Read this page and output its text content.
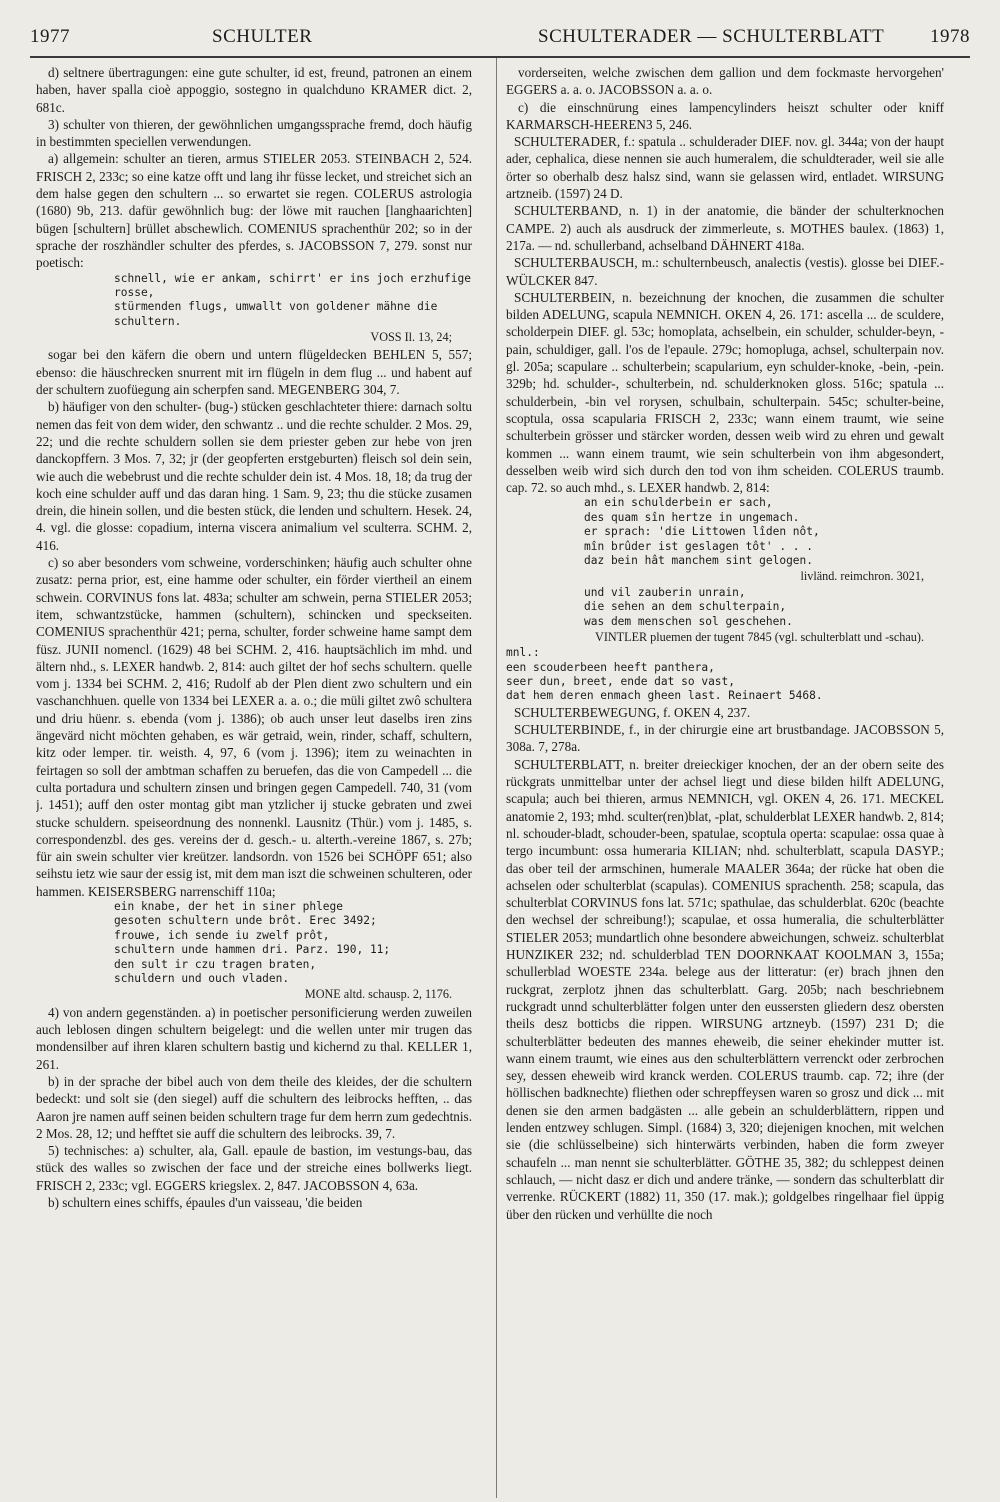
1977	SCHULTER	SCHULTERADER — SCHULTERBLATT 1978

d) seltnere übertragungen: eine gute schulter, id est, freund, patronen an einem haben, haver spalla cioè appoggio, sostegno in qualchduno KRAMER dict. 2, 681c.

3) schulter von thieren, der gewöhnlichen umgangssprache fremd, doch häufig in bestimmten speciellen verwendungen.

a) allgemein: schulter an tieren, armus STIELER 2053. STEINBACH 2, 524. FRISCH 2, 233c; so eine katze offt und lang ihr füsse lecket, und streichet sich an dem halse gegen den schultern ... so erwartet sie regen. COLERUS astrologia (1680) 9b, 213. dafür gewöhnlich bug: der löwe mit rauchen [langhaarichten] bügen [schultern] brüllet abschewlich. COMENIUS sprachenthür 202; so in der sprache der roszhändler schulter des pferdes, s. JACOBSSON 7, 279. sonst nur poetisch:

schnell, wie er ankam, schirrt' er ins joch erzhufige rosse,
stürmenden flugs, umwallt von goldener mähne die schultern.

VOSS Il. 13, 24;

sogar bei den käfern die obern und untern flügeldecken BEHLEN 5, 557; ebenso: die häuschrecken snurrent mit irn flügeln in dem flug ... und habent auf der schultern zuofüegung ain scherpfen sand. MEGENBERG 304, 7.

b) häufiger von den schulter- (bug-) stücken geschlachteter thiere: darnach soltu nemen das feit von dem wider, den schwantz .. und die rechte schulder. 2 Mos. 29, 22; und die rechte schuldern sollen sie dem priester geben zur hebe von jren danckopffern. 3 Mos. 7, 32; jr (der geopferten erstgeburten) fleisch sol dein sein, wie auch die webebrust und die rechte schulder dein ist. 4 Mos. 18, 18; da trug der koch eine schulder auff und das daran hing. 1 Sam. 9, 23; thu die stücke zusamen drein, die hinein sollen, und die besten stück, die lenden und schultern. Hesek. 24, 4. vgl. die glosse: copadium, interna viscera animalium vel sculterra. SCHM. 2, 416.

c) so aber besonders vom schweine, vorderschinken; häufig auch schulter ohne zusatz: perna prior, est, eine hamme oder schulter, ein förder viertheil an einem schwein. CORVINUS fons lat. 483a; schulter am schwein, perna STIELER 2053; item, schwantzstücke, hammen (schultern), schincken und speckseiten. COMENIUS sprachenthür 421; perna, schulter, forder schweine hame sampt dem füsz. JUNII nomencl. (1629) 48 bei SCHM. 2, 416. hauptsächlich im mhd. und ältern nhd., s. LEXER handwb. 2, 814: auch giltet der hof sechs schultern. quelle vom j. 1334 bei SCHM. 2, 416; Rudolf ab der Plen dient zwo schultern und ein vaschanchhuen. quelle von 1334 bei LEXER a. a. o.; die müli giltet zwô schultera und driu hüenr. s. ebenda (vom j. 1386); ob auch unser leut daselbs iren zins ängevärd nicht möchten gehaben, es wär getraid, wein, rinder, schaff, schultern, kitz oder lemper. tir. weisth. 4, 97, 6 (vom j. 1396); item zu weinachten in feirtagen so soll der ambtman schaffen zu beruefen, das die von Campedell ... die culta portadura und schultern zinsen und bringen gegen Campedell. 740, 31 (vom j. 1451); auff den oster montag gibt man ytzlicher ij stucke gebraten und zwei stucke schuldern. speiseordnung des nonnenkl. Lausnitz (Thür.) vom j. 1485, s. correspondenzbl. des ges. vereins der d. gesch.- u. alterth.-vereine 1867, s. 27b; für ain swein schulter vier kreützer. landsordn. von 1526 bei SCHÖPF 651; also seihstu ietz wie saur der essig ist, mit dem man iszt die schweinen schulteren, oder hammen. KEISERSBERG narrenschiff 110a;

ein knabe, der het in siner phlege
gesoten schultern unde brôt. Erec 3492;
frouwe, ich sende iu zwelf prôt,
schultern unde hammen dri. Parz. 190, 11;
den sult ir czu tragen braten,
schuldern und ouch vladen.

MONE altd. schausp. 2, 1176.

4) von andern gegenständen. a) in poetischer personificierung werden zuweilen auch leblosen dingen schultern beigelegt: und die wellen unter mir trugen das mondensilber auf ihren klaren schultern bastig und kichernd zu thal. KELLER 1, 261.

b) in der sprache der bibel auch von dem theile des kleides, der die schultern bedeckt: und solt sie (den siegel) auff die schultern des leibrocks hefften, .. das Aaron jre namen auff seinen beiden schultern trage fur dem herrn zum gedechtnis. 2 Mos. 28, 12; und hefftet sie auff die schultern des leibrocks. 39, 7.

5) technisches: a) schulter, ala, Gall. epaule de bastion, im vestungs-bau, das stück des walles so zwischen der face und der streiche eines bollwerks liegt. FRISCH 2, 233c; vgl. EGGERS kriegslex. 2, 847. JACOBSSON 4, 63a.

b) schultern eines schiffs, épaules d'un vaisseau, 'die beiden

vorderseiten, welche zwischen dem gallion und dem fockmaste hervorgehen' EGGERS a. a. o. JACOBSSON a. a. o.

c) die einschnürung eines lampencylinders heiszt schulter oder kniff KARMARSCH-HEEREN3 5, 246.

SCHULTERADER, f.: spatula .. schulderader DIEF. nov. gl. 344a; von der haupt ader, cephalica, diese nennen sie auch humeralem, die schuldterader, weil sie alle örter so oberhalb desz halsz sind, wann sie gelassen wird, entladet. WIRSUNG artzneib. (1597) 24 D.

SCHULTERBAND, n. 1) in der anatomie, die bänder der schulterknochen CAMPE. 2) auch als ausdruck der zimmerleute, s. MOTHES baulex. (1863) 1, 217a. — nd. schullerband, achselband DÄHNERT 418a.

SCHULTERBAUSCH, m.: schulternbeusch, analectis (vestis). glosse bei DIEF.-WÜLCKER 847.

SCHULTERBEIN, n. bezeichnung der knochen, die zusammen die schulter bilden ADELUNG, scapula NEMNICH. OKEN 4, 26. 171: ascella ... de sculdere, scholderpein DIEF. gl. 53c; homoplata, achselbein, ein schulder, schulder-beyn, -pain, schuldiger, gall. l'os de l'epaule. 279c; homopluga, achsel, schulterpain nov. gl. 205a; scapulare .. schulterbein; scapularium, eyn schulder-knoke, -bein, -pein. 329b; hd. schulder-, schulterbein, nd. schulderknoken gloss. 516c; spatula ... schulderbein, -bin vel rorysen, schulbain, schulterpain. 545c; schulter-beine, scoptula, ossa scapularia FRISCH 2, 233c; wann einem traumt, wie seine schulterbein grösser und stärcker worden, dessen weib wird zu ehren und gewalt kommen ... wann einem traumt, wie sein schulterbein von ihm abgesondert, desselben weib wird sich durch den tod von ihm scheiden. COLERUS traumb. cap. 72. so auch mhd., s. LEXER handwb. 2, 814:

an ein schulderbein er sach,
des quam sîn hertze in ungemach.
er sprach: 'die Littowen lîden nôt,
mîn brûder ist geslagen tôt' . . .
daz bein hât manchem sint gelogen.

livländ. reimchron. 3021,

und vil zauberin unrain,
die sehen an dem schulterpain,
was dem menschen sol geschehen.

VINTLER pluemen der tugent 7845 (vgl. schulterblatt und -schau).

mnl.:
een scouderbeen heeft panthera,
seer dun, breet, ende dat so vast,
dat hem deren enmach gheen last. Reinaert 5468.

SCHULTERBEWEGUNG, f. OKEN 4, 237.

SCHULTERBINDE, f., in der chirurgie eine art brustbandage. JACOBSSON 5, 308a. 7, 278a.

SCHULTERBLATT, n. breiter dreieckiger knochen, der an der obern seite des rückgrats unmittelbar unter der achsel liegt und diese bilden hilft ADELUNG, scapula; auch bei thieren, armus NEMNICH, vgl. OKEN 4, 26. 171. MECKEL anatomie 2, 193; mhd. sculter(ren)blat, -plat, schulderblat LEXER handwb. 2, 814; nl. schouder-bladt, schouder-been, spatulae, scoptula operta: scapulae: ossa quae à tergo incumbunt: ossa humeraria KILIAN; nhd. schulterblatt, scapula DASYP.; das ober teil der armschinen, humerale MAALER 364a; der rücke hat oben die achselen oder schulterblat (scapulas). COMENIUS sprachenth. 258; scapula, das schulterblat CORVINUS fons lat. 571c; spathulae, das schulderblat. 620c (beachte den wechsel der schreibung!); scapulae, et ossa humeralia, die schulterblätter STIELER 2053; mundartlich ohne besondere abweichungen, schweiz. schulterblat HUNZIKER 232; nd. schulderblad TEN DOORNKAAT KOOLMAN 3, 155a; schullerblad WOESTE 234a. belege aus der litteratur: (er) brach jhnen den ruckgrat, zerplotz jhnen das schulterblatt. Garg. 205b; nach beschriebnem ruckgradt unnd schulterblätter folgen unter den eussersten gliedern desz obersten theils desz botticbs die rippen. WIRSUNG artzneyb. (1597) 231 D; die schulterblätter bedeuten des mannes eheweib, die seiner ehekinder mutter ist. wann einem traumt, wie eines aus den schulterblättern verrenckt oder zerbrochen sey, dessen eheweib wird kranck werden. COLERUS traumb. cap. 72; ihre (der höllischen badknechte) fliethen oder schrepffeysen waren so grosz und dick ... mit denen sie den armen badgästen ... alle gebein an schulderblättern, rippen und lenden entzwey schlugen. Simpl. (1684) 3, 320; diejenigen knochen, mit welchen sie (die schlüsselbeine) sich hinterwärts verbinden, haben die form zweyer schaufeln ... man nennt sie schulterblätter. GÖTHE 35, 382; du schleppest deinen schlauch, — nicht dasz er dich und andere tränke, — sondern das schulterblatt dir verrenke. RÜCKERT (1882) 11, 350 (17. mak.); goldgelbes ringelhaar fiel üppig über den rücken und verhüllte die noch
